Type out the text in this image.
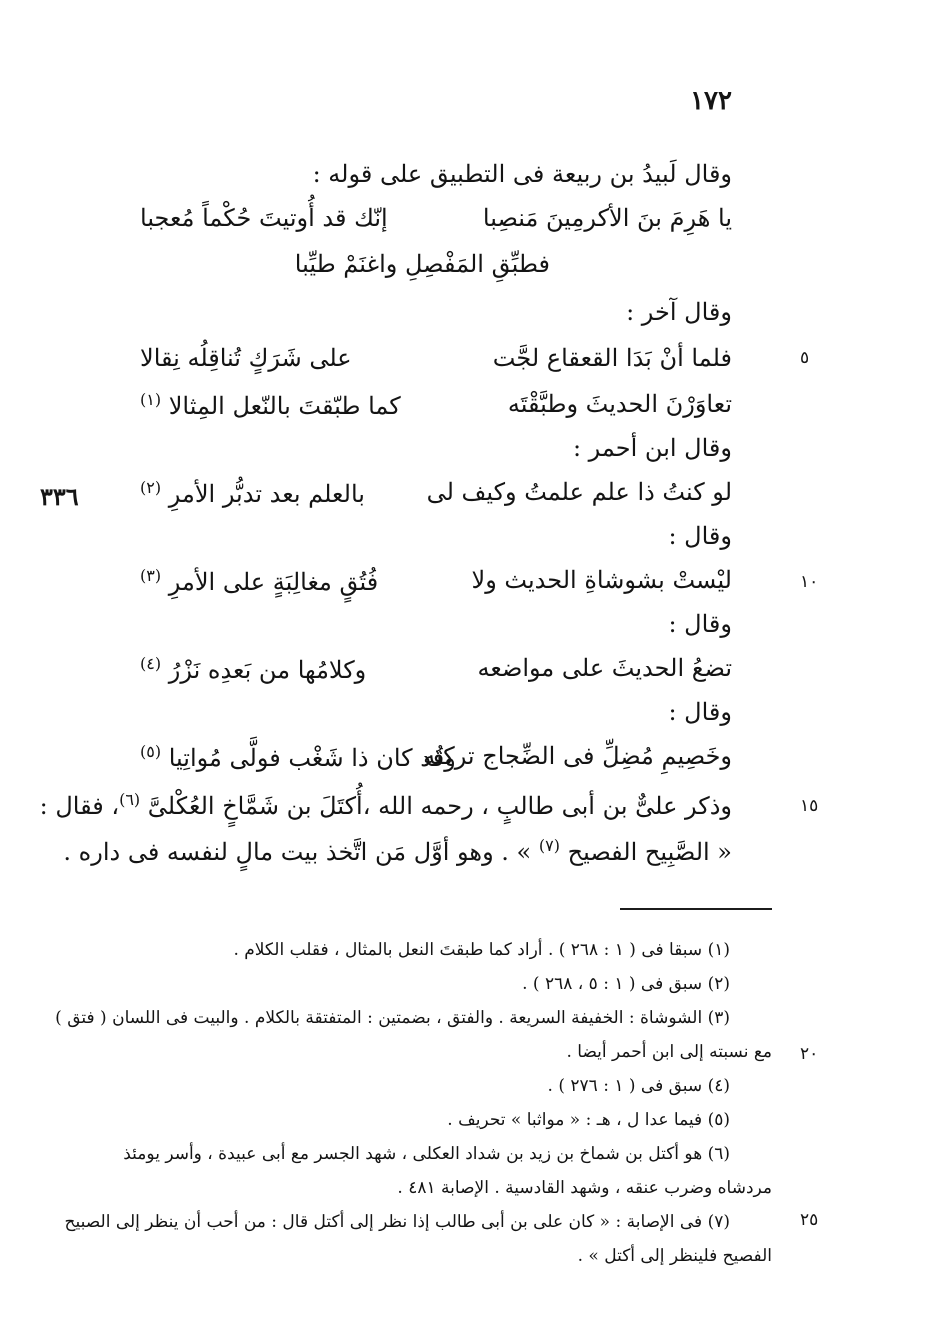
١٧٢
٣٣٦
٥
١٠
١٥
٢٠
٢٥
وقال لَبيدُ بن ربيعة فى التطبيق على قوله :
يا هَرِمَ بنَ الأكرمِينَ مَنصِبا
إنّك قد أُوتيتَ حُكْماً مُعجبا
فطبِّقِ المَفْصِلِ واغنَمْ طيِّبا
وقال آخر :
فلما أنْ بَدَا القعقاع لجَّت
على شَرَكٍ تُناقِلُه نِقالا
تعاوَرْنَ الحديثَ وطبَّقْتَه
كما طبّقتَ بالنّعل المِثالا $^{(١)}$
وقال ابن أحمر :
لو كنتُ ذا علم علمتُ وكيف لى
بالعلم بعد تدبُّر الأمرِ $^{(٢)}$
وقال :
ليْستْ بشوشاةِ الحديث ولا
فُتُقٍ مغالِبَةٍ على الأمرِ $^{(٣)}$
وقال :
تضعُ الحديثَ على مواضعه
وكلامُها من بَعدِه نَزْرُ $^{(٤)}$
وقال :
وخَصِيمِ مُضِلِّ فى الضِّجاج تركتُه
وقد كان ذا شَغْب فولَّى مُواتِيا $^{(٥)}$
وذكر علىٌّ بن أبى طالبٍ ، رحمه الله ،أُكتَلَ بن شَمَّاخٍ العُكْلىَّ $^{(٦)}$، فقال :
« الصَّبِيح الفصيح $^{(٧)}$ » . وهو أوَّل مَن اتَّخذ بيت مالٍ لنفسه فى داره .
(١) سبقا فى ( ١ : ٢٦٨ ) . أراد كما طبقتَ النعل بالمثال ، فقلب الكلام .
(٢) سبق فى ( ١ : ٥ ، ٢٦٨ ) .
(٣) الشوشاة : الخفيفة السريعة . والفتق ، بضمتين : المتفتقة بالكلام . والبيت فى اللسان ( فتق )
مع نسبته إلى ابن أحمر أيضا .
(٤) سبق فى ( ١ : ٢٧٦ ) .
(٥) فيما عدا ل ، هـ : « مواثبا » تحريف .
(٦) هو أكتل بن شماخ بن زيد بن شداد العكلى ، شهد الجسر مع أبى عبيدة ، وأسر يومئذ
مردشاه وضرب عنقه ، وشهد القادسية . الإصابة ٤٨١ .
(٧) فى الإصابة : « كان على بن أبى طالب إذا نظر إلى أكتل قال : من أحب أن ينظر إلى الصبيح
الفصيح فلينظر إلى أكتل » .
